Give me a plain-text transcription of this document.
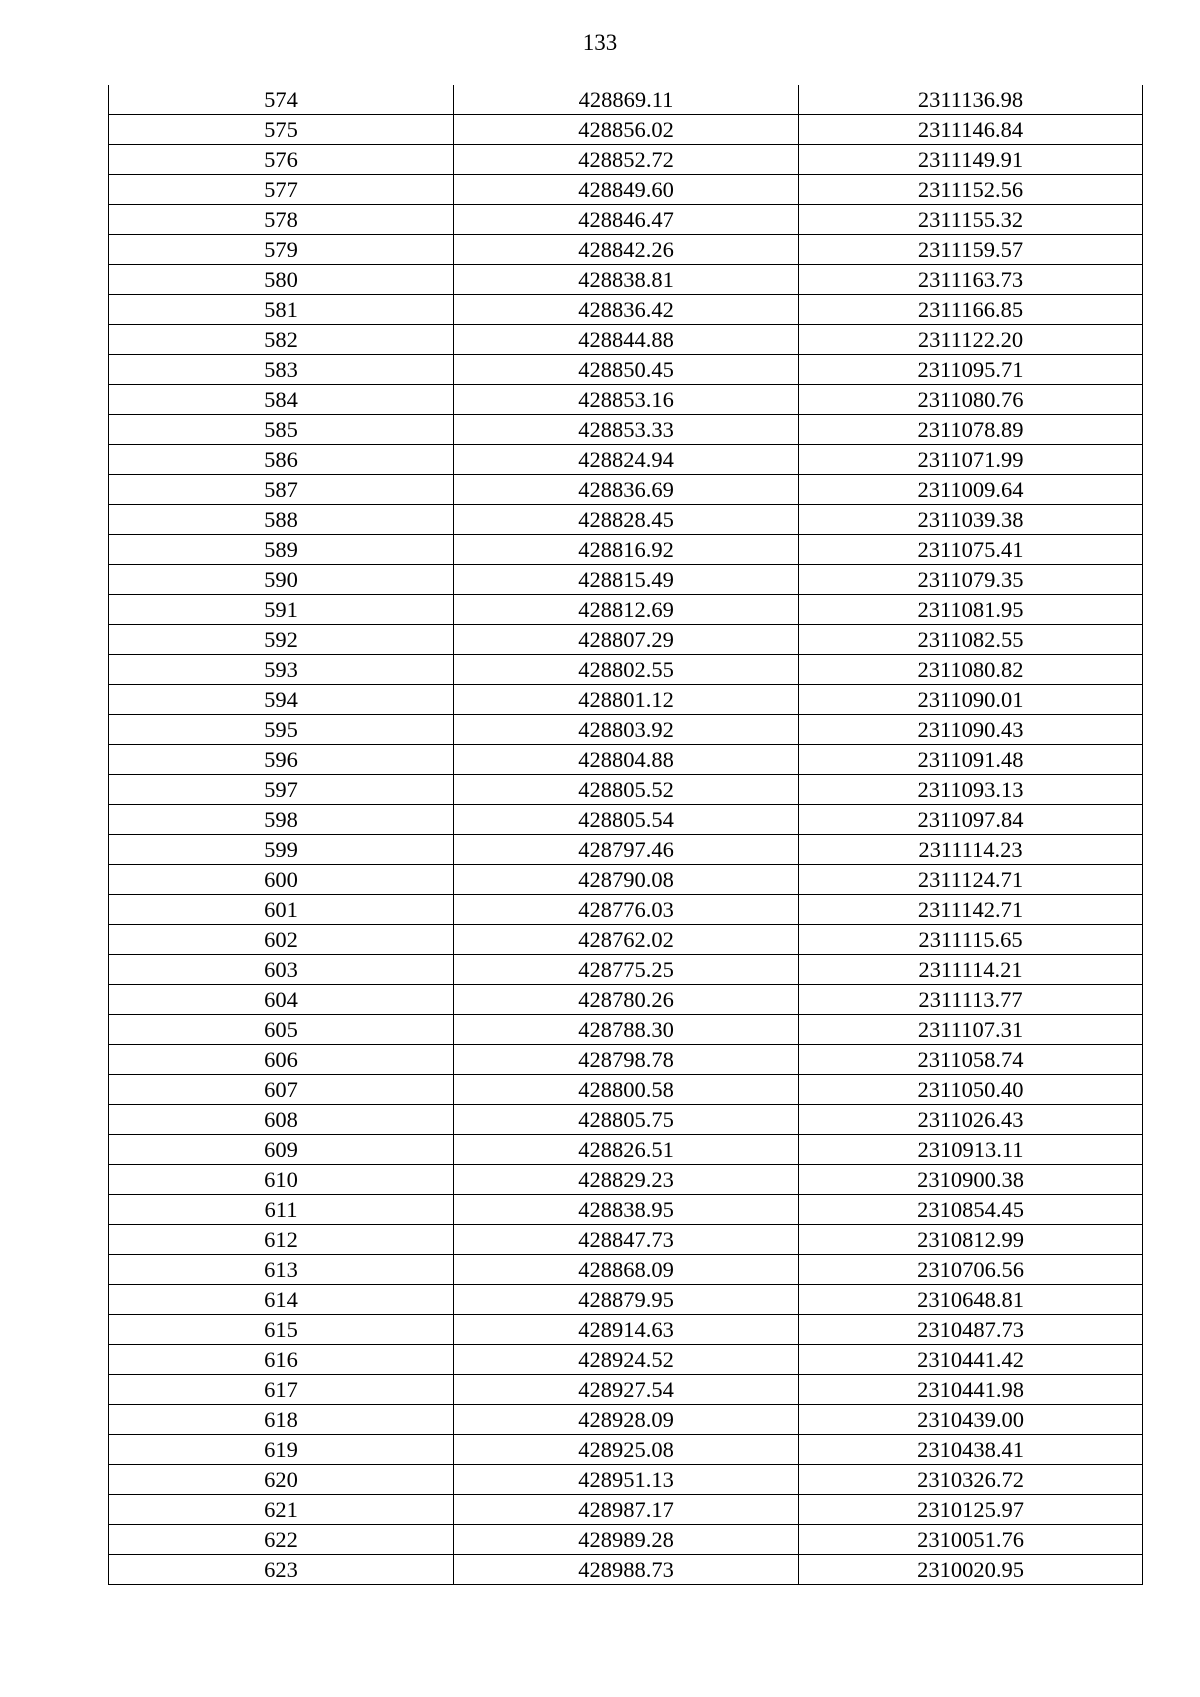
133
574	428869.11	2311136.98
575	428856.02	2311146.84
576	428852.72	2311149.91
577	428849.60	2311152.56
578	428846.47	2311155.32
579	428842.26	2311159.57
580	428838.81	2311163.73
581	428836.42	2311166.85
582	428844.88	2311122.20
583	428850.45	2311095.71
584	428853.16	2311080.76
585	428853.33	2311078.89
586	428824.94	2311071.99
587	428836.69	2311009.64
588	428828.45	2311039.38
589	428816.92	2311075.41
590	428815.49	2311079.35
591	428812.69	2311081.95
592	428807.29	2311082.55
593	428802.55	2311080.82
594	428801.12	2311090.01
595	428803.92	2311090.43
596	428804.88	2311091.48
597	428805.52	2311093.13
598	428805.54	2311097.84
599	428797.46	2311114.23
600	428790.08	2311124.71
601	428776.03	2311142.71
602	428762.02	2311115.65
603	428775.25	2311114.21
604	428780.26	2311113.77
605	428788.30	2311107.31
606	428798.78	2311058.74
607	428800.58	2311050.40
608	428805.75	2311026.43
609	428826.51	2310913.11
610	428829.23	2310900.38
611	428838.95	2310854.45
612	428847.73	2310812.99
613	428868.09	2310706.56
614	428879.95	2310648.81
615	428914.63	2310487.73
616	428924.52	2310441.42
617	428927.54	2310441.98
618	428928.09	2310439.00
619	428925.08	2310438.41
620	428951.13	2310326.72
621	428987.17	2310125.97
622	428989.28	2310051.76
623	428988.73	2310020.95
